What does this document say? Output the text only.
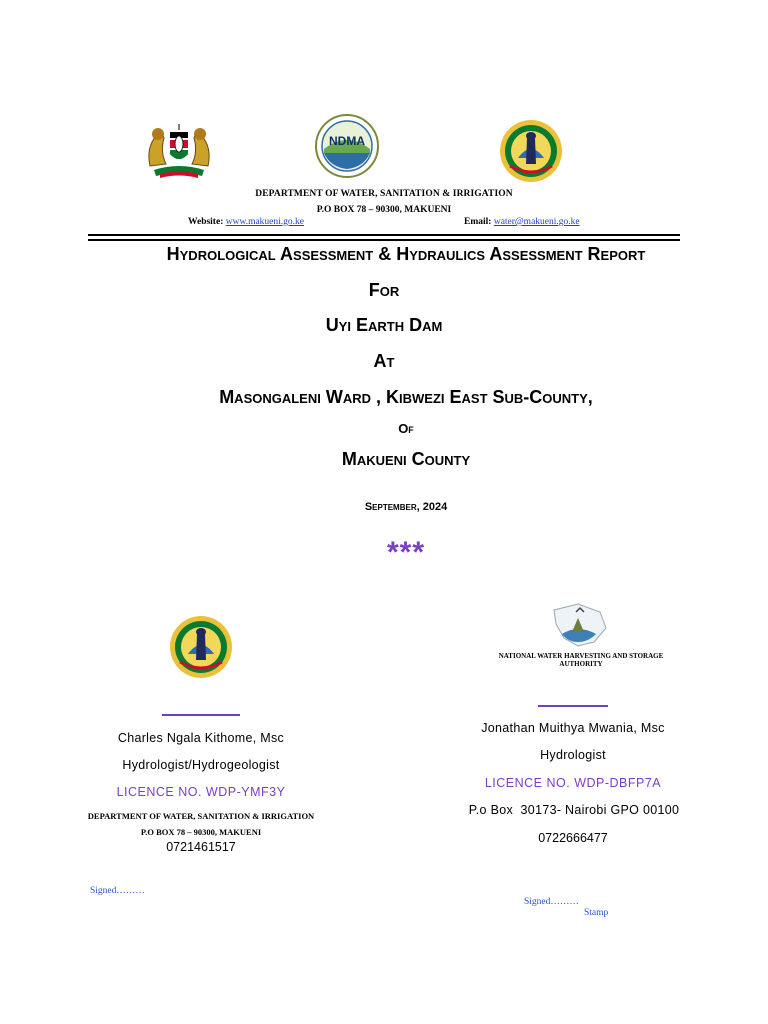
NDMA
DEPARTMENT OF WATER, SANITATION & IRRIGATION
P.O BOX 78 – 90300, MAKUENI
Website: www.makueni.go.ke	Email: water@makueni.go.ke
Hydrological Assessment & Hydraulics Assessment Report
For
Uyi Earth Dam
At
Masongaleni Ward , Kibwezi East Sub-County,
Of
Makueni County
September, 2024
***
NATIONAL WATER HARVESTING AND STORAGE AUTHORITY
Charles Ngala Kithome, Msc
Hydrologist/Hydrogeologist
LICENCE NO. WDP-YMF3Y
DEPARTMENT OF WATER, SANITATION & IRRIGATION
P.O BOX 78 – 90300, MAKUENI
0721461517
Signed………
Jonathan Muithya Mwania, Msc
Hydrologist
LICENCE NO. WDP-DBFP7A
P.o Box  30173- Nairobi GPO 00100
0722666477
Signed………
Stamp
